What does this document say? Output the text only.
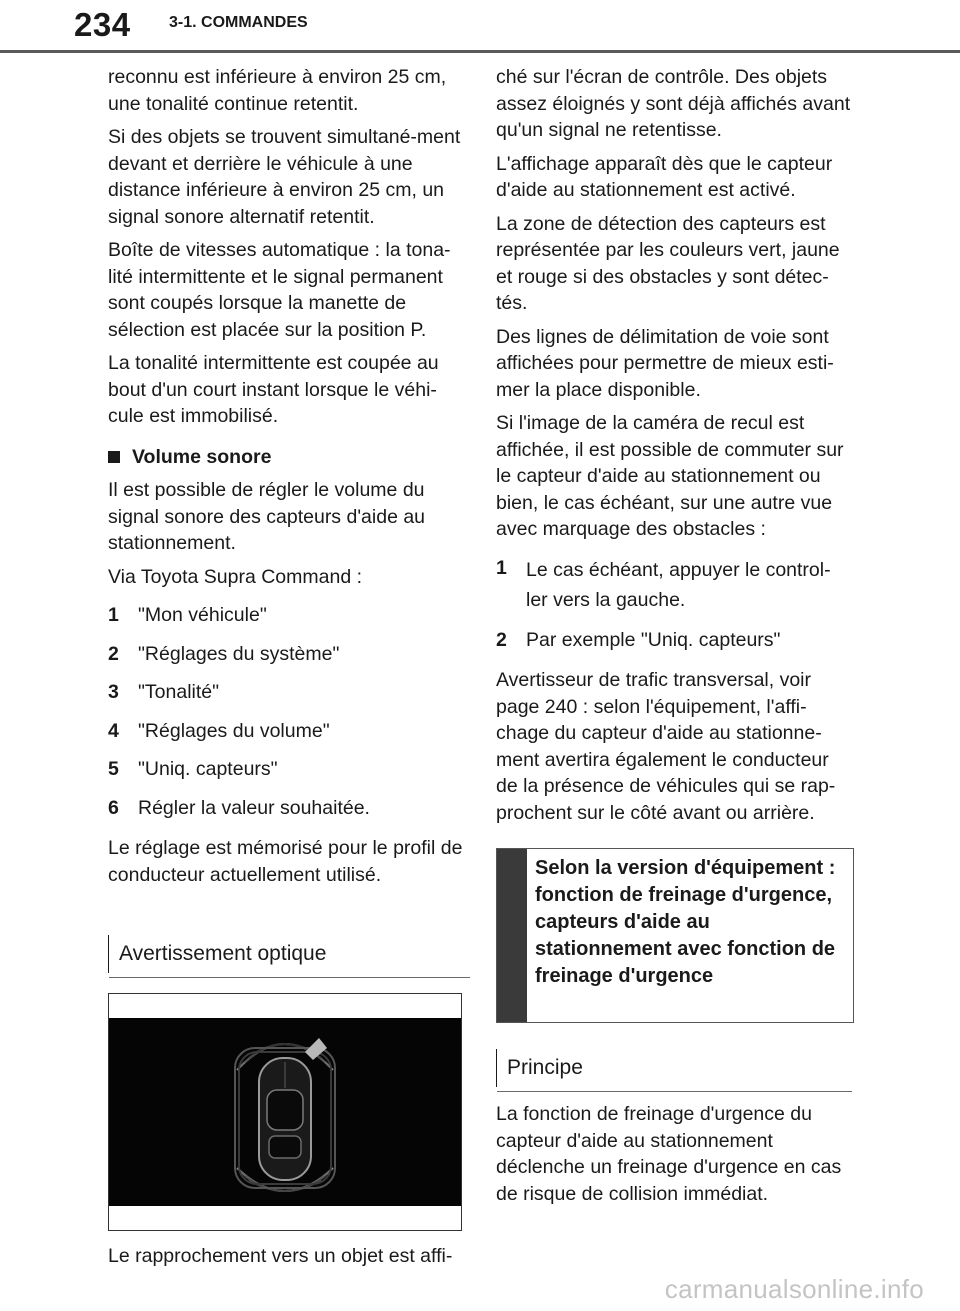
234 3-1. COMMANDES

reconnu est inférieure à environ 25 cm, une tonalité continue retentit.

Si des objets se trouvent simultané-ment devant et derrière le véhicule à une distance inférieure à environ 25 cm, un signal sonore alternatif retentit.

Boîte de vitesses automatique : la tona-lité intermittente et le signal permanent sont coupés lorsque la manette de sélection est placée sur la position P.

La tonalité intermittente est coupée au bout d'un court instant lorsque le véhi-cule est immobilisé.

Volume sonore

Il est possible de régler le volume du signal sonore des capteurs d'aide au stationnement.

Via Toyota Supra Command :

1 "Mon véhicule"
2 "Réglages du système"
3 "Tonalité"
4 "Réglages du volume"
5 "Uniq. capteurs"
6 Régler la valeur souhaitée.

Le réglage est mémorisé pour le profil de conducteur actuellement utilisé.

Avertissement optique

Le rapprochement vers un objet est affi-

ché sur l'écran de contrôle. Des objets assez éloignés y sont déjà affichés avant qu'un signal ne retentisse.

L'affichage apparaît dès que le capteur d'aide au stationnement est activé.

La zone de détection des capteurs est représentée par les couleurs vert, jaune et rouge si des obstacles y sont détec-tés.

Des lignes de délimitation de voie sont affichées pour permettre de mieux esti-mer la place disponible.

Si l'image de la caméra de recul est affichée, il est possible de commuter sur le capteur d'aide au stationnement ou bien, le cas échéant, sur une autre vue avec marquage des obstacles :

1 Le cas échéant, appuyer le control-ler vers la gauche.
2 Par exemple "Uniq. capteurs"

Avertisseur de trafic transversal, voir page 240 : selon l'équipement, l'affi-chage du capteur d'aide au stationne-ment avertira également le conducteur de la présence de véhicules qui se rap-prochent sur le côté avant ou arrière.

Selon la version d'équipement : fonction de freinage d'urgence, capteurs d'aide au stationnement avec fonction de freinage d'urgence
Principe

La fonction de freinage d'urgence du capteur d'aide au stationnement déclenche un freinage d'urgence en cas de risque de collision immédiat.

carmanualsonline.info
